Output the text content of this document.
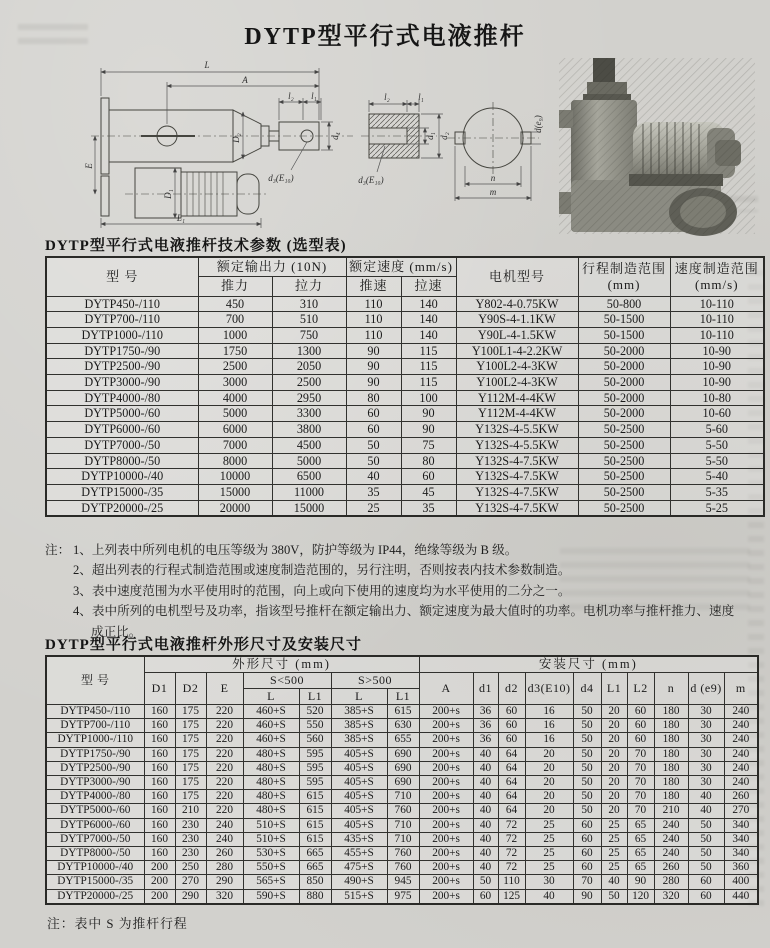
DYTP型平行式电液推杆
L
A
l₂ l₁
D₂	d₄
E
D₁
L₁
d₃(E₁₀)
l₂	l₁
d₁ d₂
d₃(E₁₀)	n
m
d(e₉)
DYTP型平行式电液推杆技术参数 (选型表)
型 号	额定输出力 (10N)		额定速度 (mm/s)		电机型号	行程制造范围 (mm)	速度制造范围 (mm/s)
	推力	拉力	推速	拉速			
DYTP450-/110	450	310	110	140	Y802-4-0.75KW	50-800	10-110
DYTP700-/110	700	510	110	140	Y90S-4-1.1KW	50-1500	10-110
DYTP1000-/110	1000	750	110	140	Y90L-4-1.5KW	50-1500	10-110
DYTP1750-/90	1750	1300	90	115	Y100L1-4-2.2KW	50-2000	10-90
DYTP2500-/90	2500	2050	90	115	Y100L2-4-3KW	50-2000	10-90
DYTP3000-/90	3000	2500	90	115	Y100L2-4-3KW	50-2000	10-90
DYTP4000-/80	4000	2950	80	100	Y112M-4-4KW	50-2000	10-80
DYTP5000-/60	5000	3300	60	90	Y112M-4-4KW	50-2000	10-60
DYTP6000-/60	6000	3800	60	90	Y132S-4-5.5KW	50-2500	5-60
DYTP7000-/50	7000	4500	50	75	Y132S-4-5.5KW	50-2500	5-50
DYTP8000-/50	8000	5000	50	80	Y132S-4-7.5KW	50-2500	5-50
DYTP10000-/40	10000	6500	40	60	Y132S-4-7.5KW	50-2500	5-40
DYTP15000-/35	15000	11000	35	45	Y132S-4-7.5KW	50-2500	5-35
DYTP20000-/25	20000	15000	25	35	Y132S-4-7.5KW	50-2500	5-25
注： 1、上列表中所列电机的电压等级为 380V，防护等级为 IP44，绝缘等级为 B 级。
2、超出列表的行程式制造范围或速度制造范围的，另行注明，否则按表内技术参数制造。
3、表中速度范围为水平使用时的范围，向上或向下使用的速度均为水平使用的二分之一。
4、表中所列的电机型号及功率，指该型号推杆在额定输出力、额定速度为最大值时的功率。电机功率与推杆推力、速度成正比。
DYTP型平行式电液推杆外形尺寸及安装尺寸
型 号	外形尺寸 (mm)							安装尺寸 (mm)									
	D1	D2	E	S<500		S>500		A	d1	d2	d3(E10)	d4	L1	L2	n	d (e9)	m
				L	L1	L	L1										
DYTP450-/110	160	175	220	460+S	520	385+S	615	200+s	36	60	16	50	20	60	180	30	240
DYTP700-/110	160	175	220	460+S	550	385+S	630	200+s	36	60	16	50	20	60	180	30	240
DYTP1000-/110	160	175	220	460+S	560	385+S	655	200+s	36	60	16	50	20	60	180	30	240
DYTP1750-/90	160	175	220	480+S	595	405+S	690	200+s	40	64	20	50	20	70	180	30	240
DYTP2500-/90	160	175	220	480+S	595	405+S	690	200+s	40	64	20	50	20	70	180	30	240
DYTP3000-/90	160	175	220	480+S	595	405+S	690	200+s	40	64	20	50	20	70	180	30	240
DYTP4000-/80	160	175	220	480+S	615	405+S	710	200+s	40	64	20	50	20	70	180	40	260
DYTP5000-/60	160	210	220	480+S	615	405+S	760	200+s	40	64	20	50	20	70	210	40	270
DYTP6000-/60	160	230	240	510+S	615	405+S	710	200+s	40	72	25	60	25	65	240	50	340
DYTP7000-/50	160	230	240	510+S	615	435+S	710	200+s	40	72	25	60	25	65	240	50	340
DYTP8000-/50	160	230	260	530+S	665	455+S	760	200+s	40	72	25	60	25	65	240	50	340
DYTP10000-/40	200	250	280	550+S	665	475+S	760	200+s	40	72	25	60	25	65	260	50	360
DYTP15000-/35	200	270	290	565+S	850	490+S	945	200+s	50	110	30	70	40	90	280	60	400
DYTP20000-/25	200	290	320	590+S	880	515+S	975	200+s	60	125	40	90	50	120	320	60	440
注：表中 S 为推杆行程
